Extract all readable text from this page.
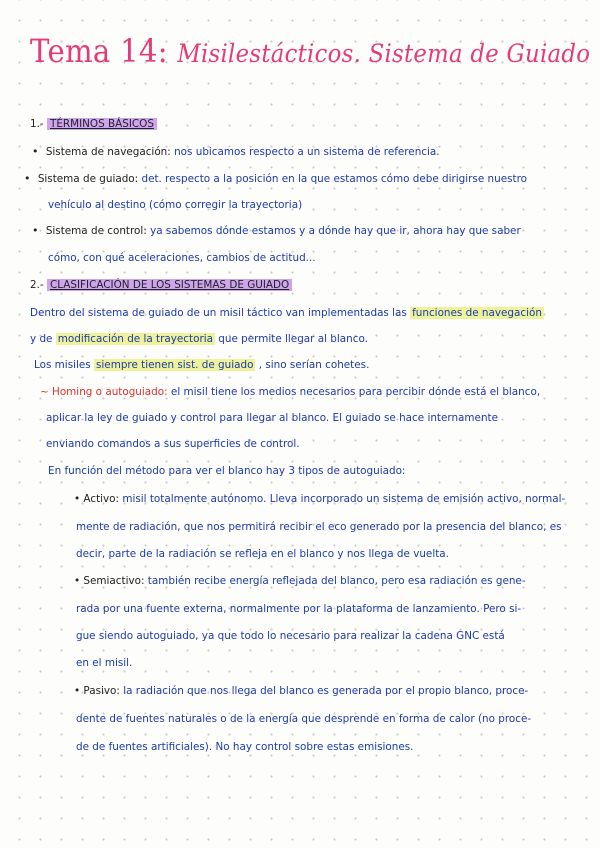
Tema 14: Misilestácticos. Sistema de Guiado
1.- TÉRMINOS BÁSICOS
• Sistema de navegación: nos ubicamos respecto a un sistema de referencia.
• Sistema de guiado: det. respecto a la posición en la que estamos cómo debe dirigirse nuestro
vehículo al destino (cómo corregir la trayectoria)
• Sistema de control: ya sabemos dónde estamos y a dónde hay que ir, ahora hay que saber
cómo, con qué aceleraciones, cambios de actitud...
2.- CLASIFICACIÓN DE LOS SISTEMAS DE GUIADO
Dentro del sistema de guiado de un misil táctico van implementadas las funciones de navegación
y de modificación de la trayectoria que permite llegar al blanco.
Los misiles siempre tienen sist. de guiado , sino serían cohetes.
~ Homing o autoguiado: el misil tiene los medios necesarios para percibir dónde está el blanco,
aplicar la ley de guiado y control para llegar al blanco. El guiado se hace internamente
enviando comandos a sus superficies de control.
En función del método para ver el blanco hay 3 tipos de autoguiado:
• Activo: misil totalmente autónomo. Lleva incorporado un sistema de emisión activo, normal-
mente de radiación, que nos permitirá recibir el eco generado por la presencia del blanco, es
decir, parte de la radiación se refleja en el blanco y nos llega de vuelta.
• Semiactivo: también recibe energía reflejada del blanco, pero esa radiación es gene-
rada por una fuente externa, normalmente por la plataforma de lanzamiento. Pero si-
gue siendo autoguiado, ya que todo lo necesario para realizar la cadena GNC está
en el misil.
• Pasivo: la radiación que nos llega del blanco es generada por el propio blanco, proce-
dente de fuentes naturales o de la energía que desprende en forma de calor (no proce-
de de fuentes artificiales). No hay control sobre estas emisiones.
